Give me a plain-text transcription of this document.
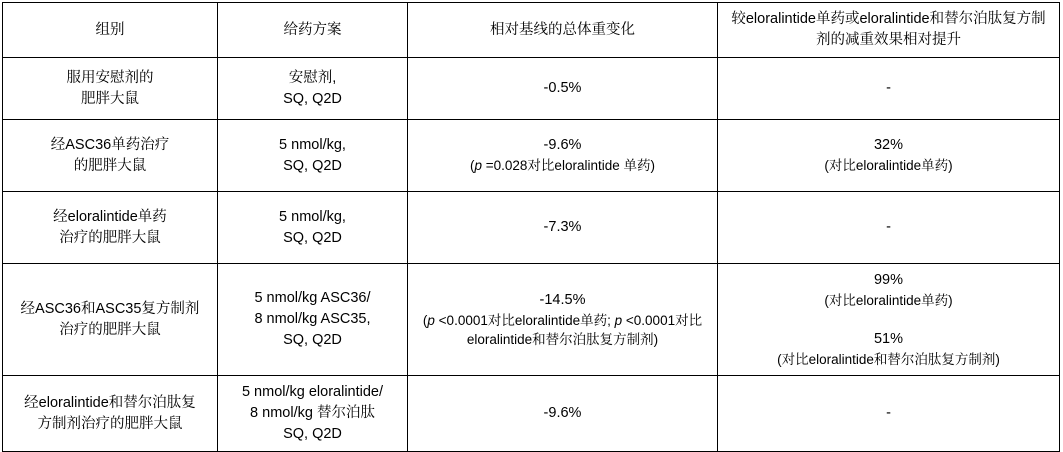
组别	给药方案	相对基线的总体重变化	较eloralintide单药或eloralintide和替尔泊肽复方制剂的减重效果相对提升

服用安慰剂的
肥胖大鼠	安慰剂,
SQ, Q2D	-0.5%	-

经ASC36单药治疗
的肥胖大鼠	5 nmol/kg,
SQ, Q2D	-9.6%
(p =0.028对比eloralintide 单药)	32%
(对比eloralintide单药)

经eloralintide单药
治疗的肥胖大鼠	5 nmol/kg,
SQ, Q2D	-7.3%	-

经ASC36和ASC35复方制剂
治疗的肥胖大鼠	5 nmol/kg ASC36/
8 nmol/kg ASC35,
SQ, Q2D	-14.5%
(p <0.0001对比eloralintide单药; p <0.0001对比eloralintide和替尔泊肽复方制剂)	99%
(对比eloralintide单药)
51%
(对比eloralintide和替尔泊肽复方制剂)

经eloralintide和替尔泊肽复
方制剂治疗的肥胖大鼠	5 nmol/kg eloralintide/
8 nmol/kg 替尔泊肽
SQ, Q2D	-9.6%	-
